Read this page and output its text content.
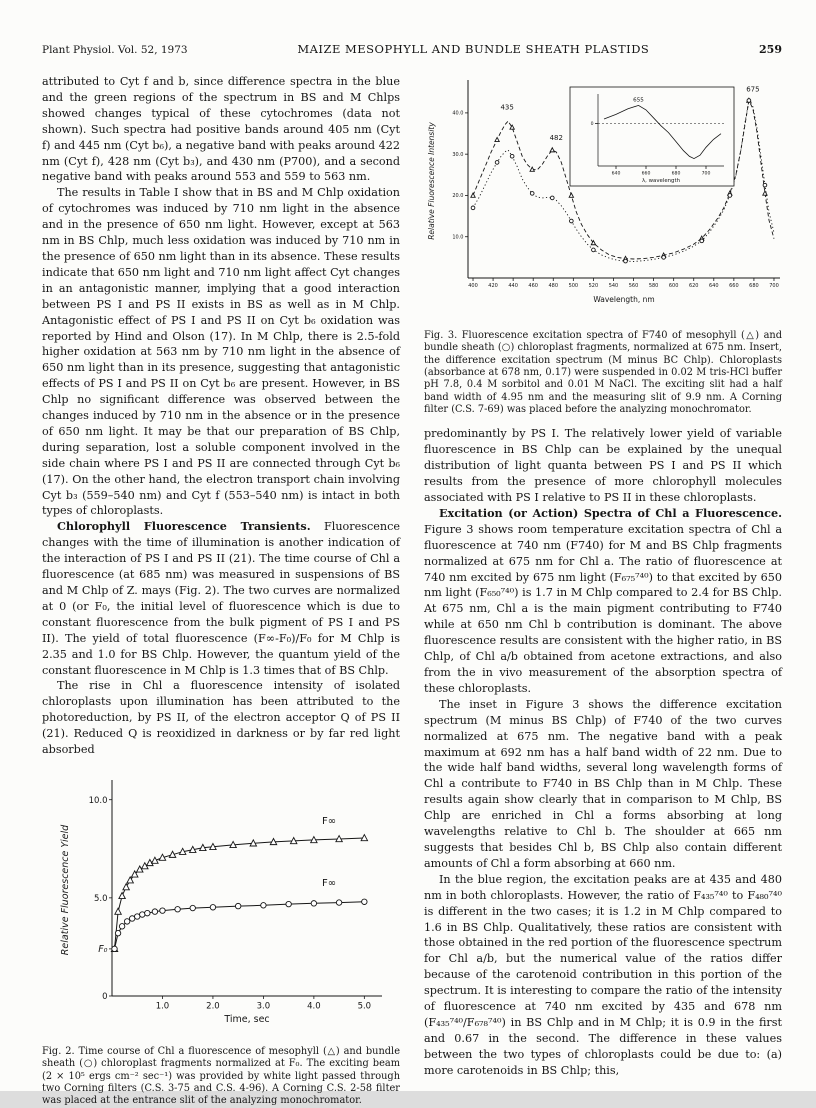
Plant Physiol. Vol. 52, 1973	MAIZE MESOPHYLL AND BUNDLE SHEATH PLASTIDS	259

attributed to Cyt f and b, since difference spectra in the blue and the green regions of the spectrum in BS and M Chlps showed changes typical of these cytochromes (data not shown). Such spectra had positive bands around 405 nm (Cyt f) and 445 nm (Cyt b₆), a negative band with peaks around 422 nm (Cyt f), 428 nm (Cyt b₃), and 430 nm (P700), and a second negative band with peaks around 553 and 559 to 563 nm.

The results in Table I show that in BS and M Chlp oxidation of cytochromes was induced by 710 nm light in the absence and in the presence of 650 nm light. However, except at 563 nm in BS Chlp, much less oxidation was induced by 710 nm in the presence of 650 nm light than in its absence. These results indicate that 650 nm light and 710 nm light affect Cyt changes in an antagonistic manner, implying that a good interaction between PS I and PS II exists in BS as well as in M Chlp. Antagonistic effect of PS I and PS II on Cyt b₆ oxidation was reported by Hind and Olson (17). In M Chlp, there is 2.5-fold higher oxidation at 563 nm by 710 nm light in the absence of 650 nm light than in its presence, suggesting that antagonistic effects of PS I and PS II on Cyt b₆ are present. However, in BS Chlp no significant difference was observed between the changes induced by 710 nm in the absence or in the presence of 650 nm light. It may be that our preparation of BS Chlp, during separation, lost a soluble component involved in the side chain where PS I and PS II are connected through Cyt b₆ (17). On the other hand, the electron transport chain involving Cyt b₃ (559–540 nm) and Cyt f (553–540 nm) is intact in both types of chloroplasts.

Chlorophyll Fluorescence Transients. Fluorescence changes with the time of illumination is another indication of the interaction of PS I and PS II (21). The time course of Chl a fluorescence (at 685 nm) was measured in suspensions of BS and M Chlp of Z. mays (Fig. 2). The two curves are normalized at 0 (or F₀, the initial level of fluorescence which is due to constant fluorescence from the bulk pigment of PS I and PS II). The yield of total fluorescence (F∞-F₀)/F₀ for M Chlp is 2.35 and 1.0 for BS Chlp. However, the quantum yield of the constant fluorescence in M Chlp is 1.3 times that of BS Chlp.

The rise in Chl a fluorescence intensity of isolated chloroplasts upon illumination has been attributed to the photoreduction, by PS II, of the electron acceptor Q of PS II (21). Reduced Q is reoxidized in darkness or by far red light absorbed

1.0	2.0	3.0	4.0	5.0
0
5.0
10.0
F₀
F∞
F∞
Time, sec
Relative Fluorescence Yield
Fig. 2. Time course of Chl a fluorescence of mesophyll (△) and bundle sheath (○) chloroplast fragments normalized at F₀. The exciting beam (2 × 10⁵ ergs cm⁻² sec⁻¹) was provided by white light passed through two Corning filters (C.S. 3-75 and C.S. 4-96). A Corning C.S. 2-58 filter was placed at the entrance slit of the analyzing monochromator.
400 420 440 460 480 500 520 540 560 580 600 620 640 660 680 700
10.0
20.0
30.0
40.0
435
482
675
Wavelength, nm
Relative Fluorescence Intensity	640	660	680	700
0
655
λ, wavelength
Fig. 3. Fluorescence excitation spectra of F740 of mesophyll (△) and bundle sheath (○) chloroplast fragments, normalized at 675 nm. Insert, the difference excitation spectrum (M minus BC Chlp). Chloroplasts (absorbance at 678 nm, 0.17) were suspended in 0.02 M tris-HCl buffer pH 7.8, 0.4 M sorbitol and 0.01 M NaCl. The exciting slit had a half band width of 4.95 nm and the measuring slit of 9.9 nm. A Corning filter (C.S. 7-69) was placed before the analyzing monochromator.

predominantly by PS I. The relatively lower yield of variable fluorescence in BS Chlp can be explained by the unequal distribution of light quanta between PS I and PS II which results from the presence of more chlorophyll molecules associated with PS I relative to PS II in these chloroplasts.

Excitation (or Action) Spectra of Chl a Fluorescence. Figure 3 shows room temperature excitation spectra of Chl a fluorescence at 740 nm (F740) for M and BS Chlp fragments normalized at 675 nm for Chl a. The ratio of fluorescence at 740 nm excited by 675 nm light (F₆₇₅⁷⁴⁰) to that excited by 650 nm light (F₆₅₀⁷⁴⁰) is 1.7 in M Chlp compared to 2.4 for BS Chlp. At 675 nm, Chl a is the main pigment contributing to F740 while at 650 nm Chl b contribution is dominant. The above fluorescence results are consistent with the higher ratio, in BS Chlp, of Chl a/b obtained from acetone extractions, and also from the in vivo measurement of the absorption spectra of these chloroplasts.

The inset in Figure 3 shows the difference excitation spectrum (M minus BS Chlp) of F740 of the two curves normalized at 675 nm. The negative band with a peak maximum at 692 nm has a half band width of 22 nm. Due to the wide half band widths, several long wavelength forms of Chl a contribute to F740 in BS Chlp than in M Chlp. These results again show clearly that in comparison to M Chlp, BS Chlp are enriched in Chl a forms absorbing at long wavelengths relative to Chl b. The shoulder at 665 nm suggests that besides Chl b, BS Chlp also contain different amounts of Chl a form absorbing at 660 nm.

In the blue region, the excitation peaks are at 435 and 480 nm in both chloroplasts. However, the ratio of F₄₃₅⁷⁴⁰ to F₄₈₀⁷⁴⁰ is different in the two cases; it is 1.2 in M Chlp compared to 1.6 in BS Chlp. Qualitatively, these ratios are consistent with those obtained in the red portion of the fluorescence spectrum for Chl a/b, but the numerical value of the ratios differ because of the carotenoid contribution in this portion of the spectrum. It is interesting to compare the ratio of the intensity of fluorescence at 740 nm excited by 435 and 678 nm (F₄₃₅⁷⁴⁰/F₆₇₈⁷⁴⁰) in BS Chlp and in M Chlp; it is 0.9 in the first and 0.67 in the second. The difference in these values between the two types of chloroplasts could be due to: (a) more carotenoids in BS Chlp; this,
